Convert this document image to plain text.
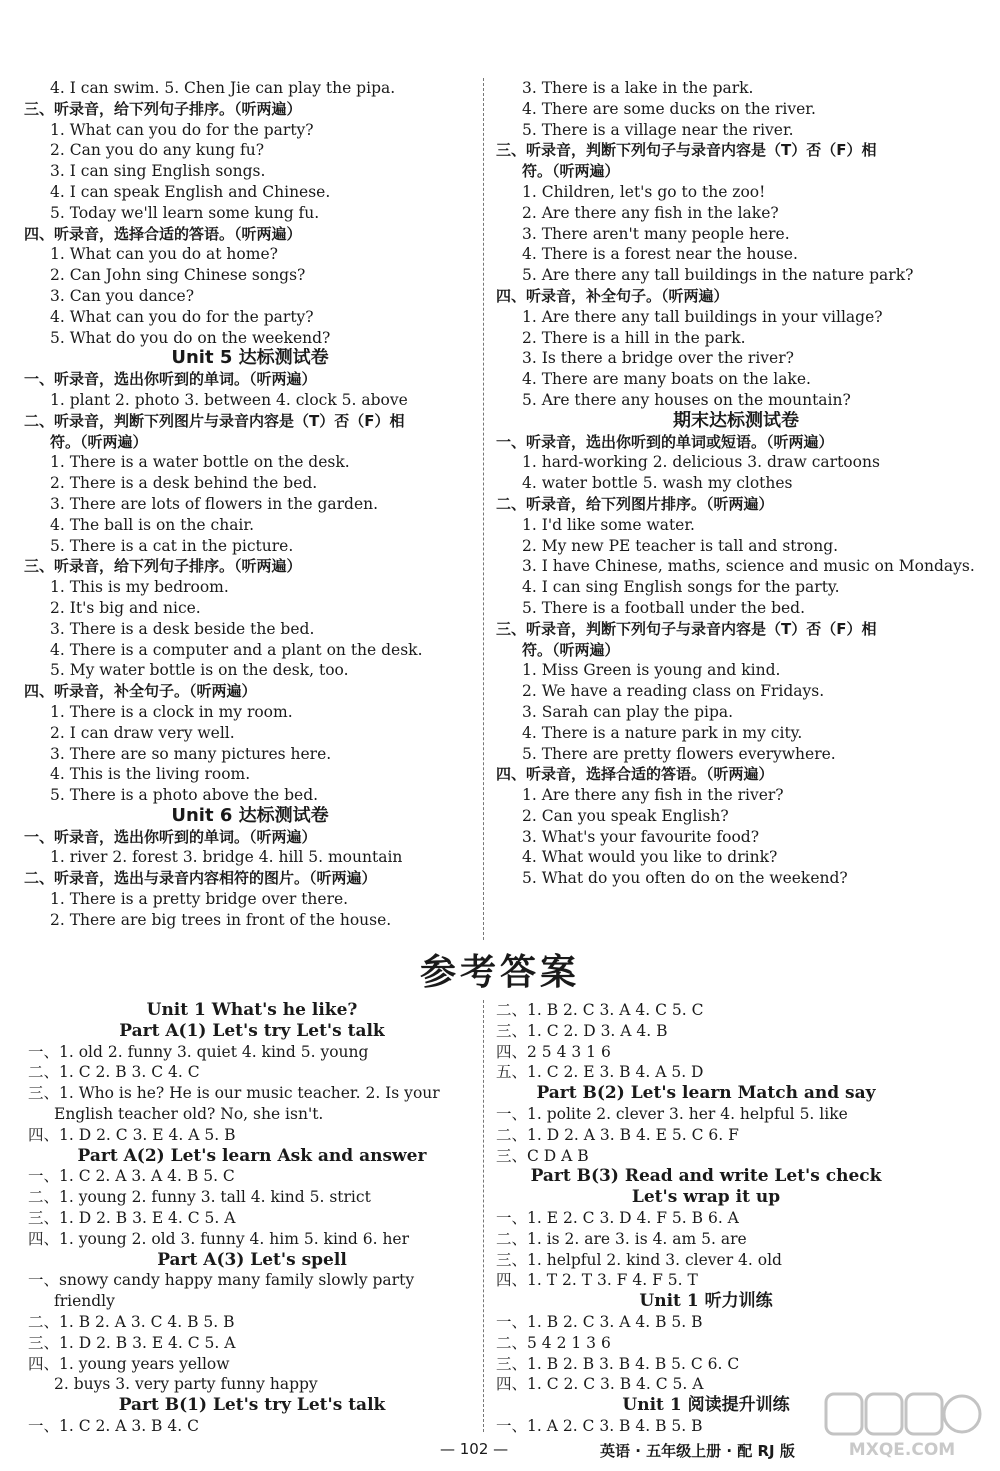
4. I can swim. 5. Chen Jie can play the pipa.
三、听录音，给下列句子排序。（听两遍）
1. What can you do for the party?
2. Can you do any kung fu?
3. I can sing English songs.
4. I can speak English and Chinese.
5. Today we'll learn some kung fu.
四、听录音，选择合适的答语。（听两遍）
1. What can you do at home?
2. Can John sing Chinese songs?
3. Can you dance?
4. What can you do for the party?
5. What do you do on the weekend?
Unit 5 达标测试卷
一、听录音，选出你听到的单词。（听两遍）
1. plant 2. photo 3. between 4. clock 5. above
二、听录音，判断下列图片与录音内容是（T）否（F）相
符。（听两遍）
1. There is a water bottle on the desk.
2. There is a desk behind the bed.
3. There are lots of flowers in the garden.
4. The ball is on the chair.
5. There is a cat in the picture.
三、听录音，给下列句子排序。（听两遍）
1. This is my bedroom.
2. It's big and nice.
3. There is a desk beside the bed.
4. There is a computer and a plant on the desk.
5. My water bottle is on the desk, too.
四、听录音，补全句子。（听两遍）
1. There is a clock in my room.
2. I can draw very well.
3. There are so many pictures here.
4. This is the living room.
5. There is a photo above the bed.
Unit 6 达标测试卷
一、听录音，选出你听到的单词。（听两遍）
1. river 2. forest 3. bridge 4. hill 5. mountain
二、听录音，选出与录音内容相符的图片。（听两遍）
1. There is a pretty bridge over there.
2. There are big trees in front of the house.
3. There is a lake in the park.
4. There are some ducks on the river.
5. There is a village near the river.
三、听录音，判断下列句子与录音内容是（T）否（F）相
符。（听两遍）
1. Children, let's go to the zoo!
2. Are there any fish in the lake?
3. There aren't many people here.
4. There is a forest near the house.
5. Are there any tall buildings in the nature park?
四、听录音，补全句子。（听两遍）
1. Are there any tall buildings in your village?
2. There is a hill in the park.
3. Is there a bridge over the river?
4. There are many boats on the lake.
5. Are there any houses on the mountain?
期末达标测试卷
一、听录音，选出你听到的单词或短语。（听两遍）
1. hard-working 2. delicious 3. draw cartoons
4. water bottle 5. wash my clothes
二、听录音，给下列图片排序。（听两遍）
1. I'd like some water.
2. My new PE teacher is tall and strong.
3. I have Chinese, maths, science and music on Mondays.
4. I can sing English songs for the party.
5. There is a football under the bed.
三、听录音，判断下列句子与录音内容是（T）否（F）相
符。（听两遍）
1. Miss Green is young and kind.
2. We have a reading class on Fridays.
3. Sarah can play the pipa.
4. There is a nature park in my city.
5. There are pretty flowers everywhere.
四、听录音，选择合适的答语。（听两遍）
1. Are there any fish in the river?
2. Can you speak English?
3. What's your favourite food?
4. What would you like to drink?
5. What do you often do on the weekend?
参考答案
Unit 1 What's he like?
Part A(1) Let's try Let's talk
一、1. old 2. funny 3. quiet 4. kind 5. young
二、1. C 2. B 3. C 4. C
三、1. Who is he? He is our music teacher. 2. Is your
English teacher old? No, she isn't.
四、1. D 2. C 3. E 4. A 5. B
Part A(2) Let's learn Ask and answer
一、1. C 2. A 3. A 4. B 5. C
二、1. young 2. funny 3. tall 4. kind 5. strict
三、1. D 2. B 3. E 4. C 5. A
四、1. young 2. old 3. funny 4. him 5. kind 6. her
Part A(3) Let's spell
一、snowy candy happy many family slowly party
friendly
二、1. B 2. A 3. C 4. B 5. B
三、1. D 2. B 3. E 4. C 5. A
四、1. young years yellow
2. buys 3. very party funny happy
Part B(1) Let's try Let's talk
一、1. C 2. A 3. B 4. C
二、1. B 2. C 3. A 4. C 5. C
三、1. C 2. D 3. A 4. B
四、2 5 4 3 1 6
五、1. C 2. E 3. B 4. A 5. D
Part B(2) Let's learn Match and say
一、1. polite 2. clever 3. her 4. helpful 5. like
二、1. D 2. A 3. B 4. E 5. C 6. F
三、C D A B
Part B(3) Read and write Let's check
Let's wrap it up
一、1. E 2. C 3. D 4. F 5. B 6. A
二、1. is 2. are 3. is 4. am 5. are
三、1. helpful 2. kind 3. clever 4. old
四、1. T 2. T 3. F 4. F 5. T
Unit 1 听力训练
一、1. B 2. C 3. A 4. B 5. B
二、5 4 2 1 3 6
三、1. B 2. B 3. B 4. B 5. C 6. C
四、1. C 2. C 3. B 4. C 5. A
Unit 1 阅读提升训练
一、1. A 2. C 3. B 4. B 5. B
— 102 —	英语 · 五年级上册 · 配 RJ 版	MXQE.COM
